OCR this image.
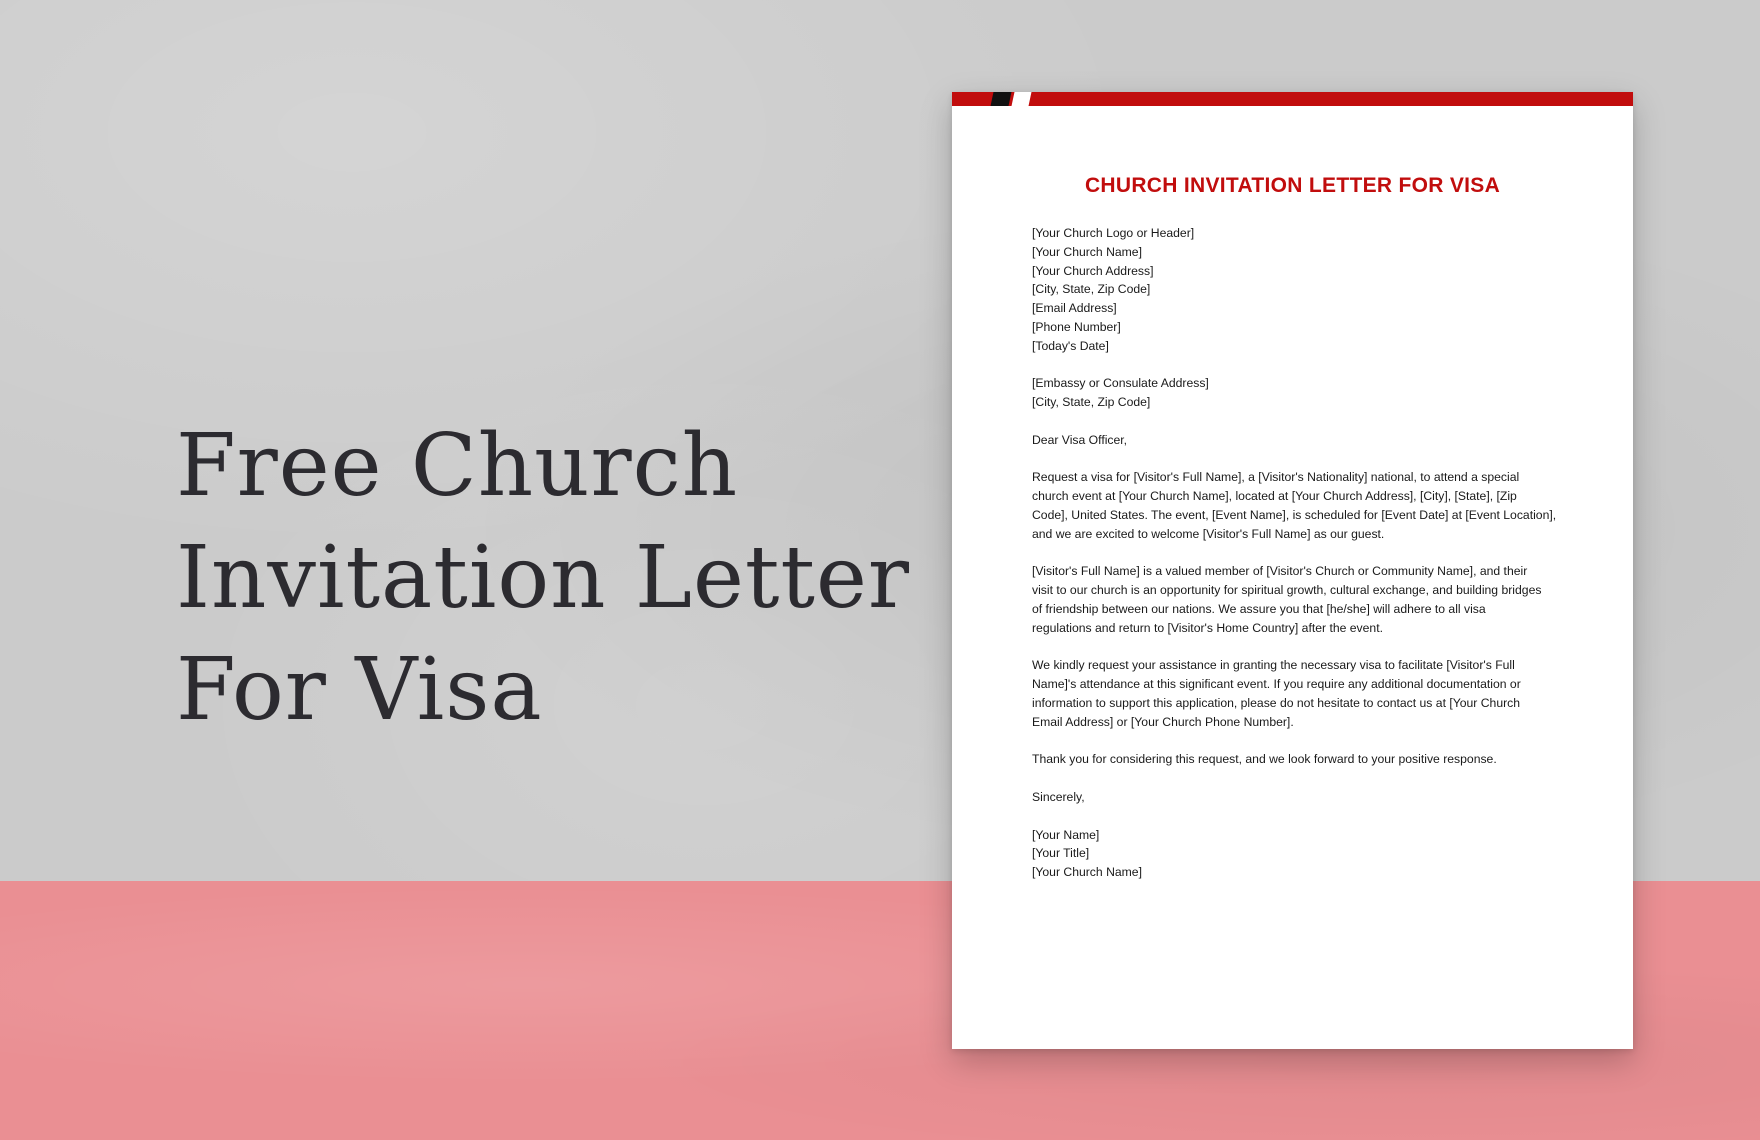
Free Church
Invitation Letter
For Visa
CHURCH INVITATION LETTER FOR VISA
[Your Church Logo or Header]
[Your Church Name]
[Your Church Address]
[City, State, Zip Code]
[Email Address]
[Phone Number]
[Today's Date]
[Embassy or Consulate Address]
[City, State, Zip Code]
Dear Visa Officer,
Request a visa for [Visitor's Full Name], a [Visitor's Nationality] national, to attend a special
church event at [Your Church Name], located at [Your Church Address], [City], [State], [Zip
Code], United States. The event, [Event Name], is scheduled for [Event Date] at [Event Location],
and we are excited to welcome [Visitor's Full Name] as our guest.
[Visitor's Full Name] is a valued member of [Visitor's Church or Community Name], and their
visit to our church is an opportunity for spiritual growth, cultural exchange, and building bridges
of friendship between our nations. We assure you that [he/she] will adhere to all visa
regulations and return to [Visitor's Home Country] after the event.
We kindly request your assistance in granting the necessary visa to facilitate [Visitor's Full
Name]'s attendance at this significant event. If you require any additional documentation or
information to support this application, please do not hesitate to contact us at [Your Church
Email Address] or [Your Church Phone Number].
Thank you for considering this request, and we look forward to your positive response.
Sincerely,
[Your Name]
[Your Title]
[Your Church Name]
